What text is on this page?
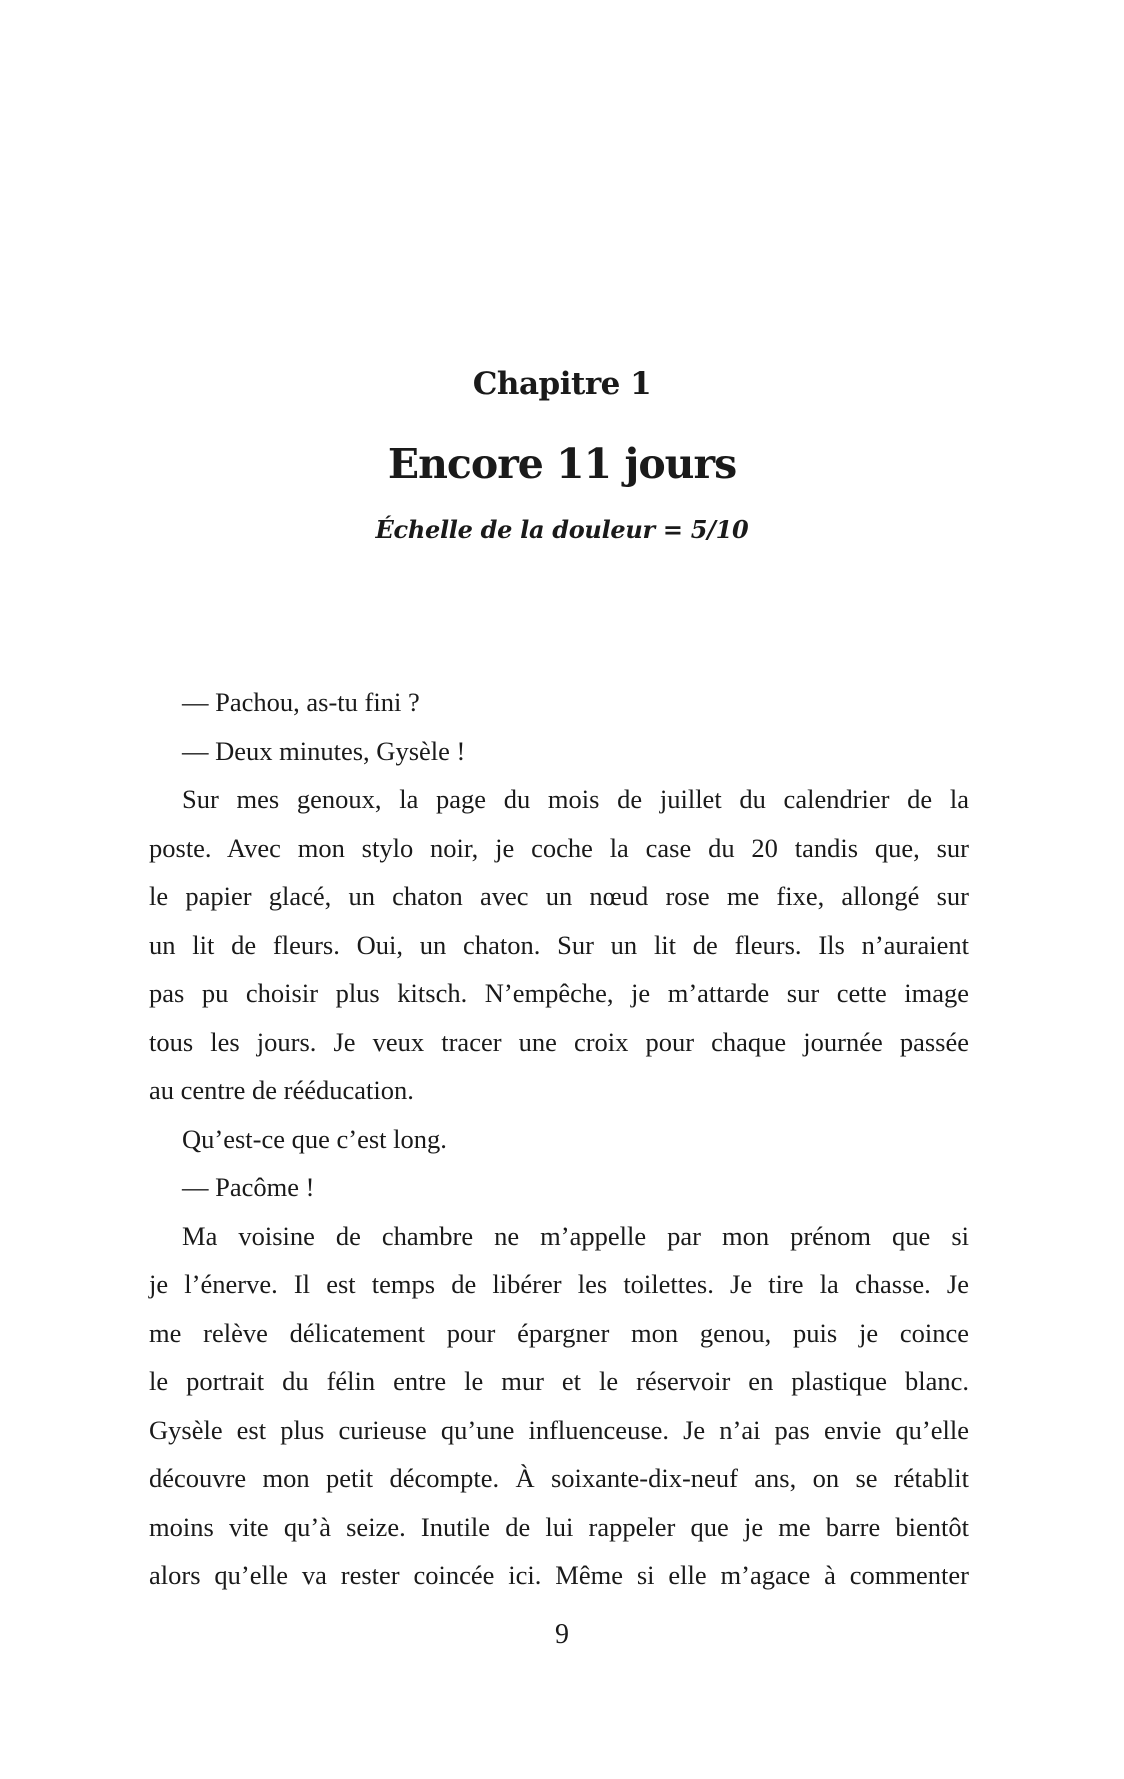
Chapitre 1
Encore 11 jours
Échelle de la douleur = 5/10
— Pachou, as-tu fini ?
— Deux minutes, Gysèle !
Sur mes genoux, la page du mois de juillet du calendrier de la
poste. Avec mon stylo noir, je coche la case du 20 tandis que, sur
le papier glacé, un chaton avec un nœud rose me fixe, allongé sur
un lit de fleurs. Oui, un chaton. Sur un lit de fleurs. Ils n’auraient
pas pu choisir plus kitsch. N’empêche, je m’attarde sur cette image
tous les jours. Je veux tracer une croix pour chaque journée passée
au centre de rééducation.
Qu’est-ce que c’est long.
— Pacôme !
Ma voisine de chambre ne m’appelle par mon prénom que si
je l’énerve. Il est temps de libérer les toilettes. Je tire la chasse. Je
me relève délicatement pour épargner mon genou, puis je coince
le portrait du félin entre le mur et le réservoir en plastique blanc.
Gysèle est plus curieuse qu’une influenceuse. Je n’ai pas envie qu’elle
découvre mon petit décompte. À soixante-dix-neuf ans, on se rétablit
moins vite qu’à seize. Inutile de lui rappeler que je me barre bientôt
alors qu’elle va rester coincée ici. Même si elle m’agace à commenter
9
